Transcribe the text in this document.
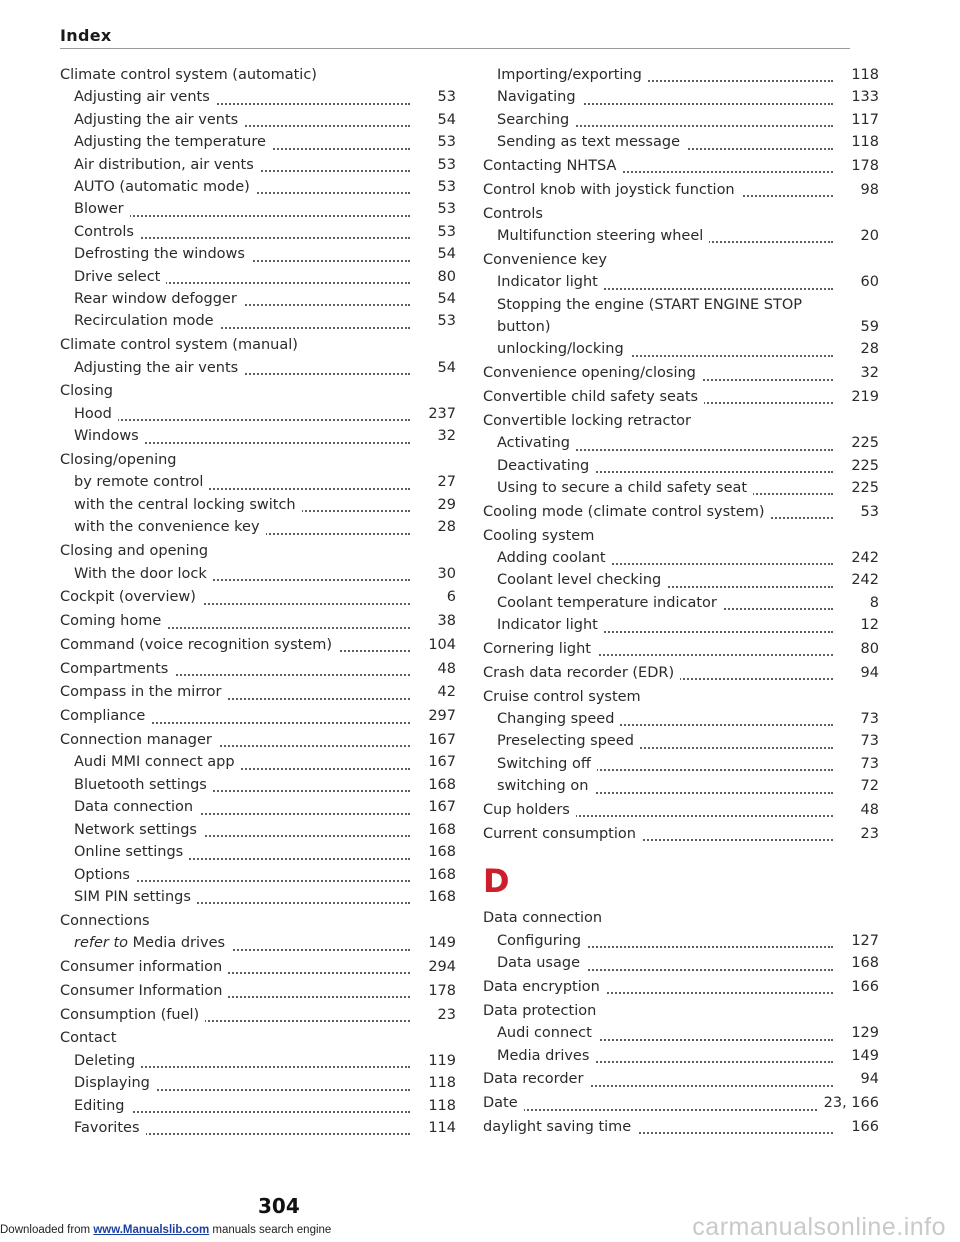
Index
Climate control system (automatic)
Adjusting air vents	53
Adjusting the air vents	54
Adjusting the temperature	53
Air distribution, air vents	53
AUTO (automatic mode)	53
Blower	53
Controls	53
Defrosting the windows	54
Drive select	80
Rear window defogger	54
Recirculation mode	53
Climate control system (manual)
Adjusting the air vents	54
Closing
Hood	237
Windows	32
Closing/opening
by remote control	27
with the central locking switch	29
with the convenience key	28
Closing and opening
With the door lock	30
Cockpit (overview)	6
Coming home	38
Command (voice recognition system)	104
Compartments	48
Compass in the mirror	42
Compliance	297
Connection manager	167
Audi MMI connect app	167
Bluetooth settings	168
Data connection	167
Network settings	168
Online settings	168
Options	168
SIM PIN settings	168
Connections
refer to Media drives	149
Consumer information	294
Consumer Information	178
Consumption (fuel)	23
Contact
Deleting	119
Displaying	118
Editing	118
Favorites	114
Importing/exporting	118
Navigating	133
Searching	117
Sending as text message	118
Contacting NHTSA	178
Control knob with joystick function	98
Controls
Multifunction steering wheel	20
Convenience key
Indicator light	60
Stopping the engine (START ENGINE STOP button)	59
unlocking/locking	28
Convenience opening/closing	32
Convertible child safety seats	219
Convertible locking retractor
Activating	225
Deactivating	225
Using to secure a child safety seat	225
Cooling mode (climate control system)	53
Cooling system
Adding coolant	242
Coolant level checking	242
Coolant temperature indicator	8
Indicator light	12
Cornering light	80
Crash data recorder (EDR)	94
Cruise control system
Changing speed	73
Preselecting speed	73
Switching off	73
switching on	72
Cup holders	48
Current consumption	23
D
Data connection
Configuring	127
Data usage	168
Data encryption	166
Data protection
Audi connect	129
Media drives	149
Data recorder	94
Date	23, 166
daylight saving time	166
304
Downloaded from www.Manualslib.com manuals search engine	carmanualsonline.info
